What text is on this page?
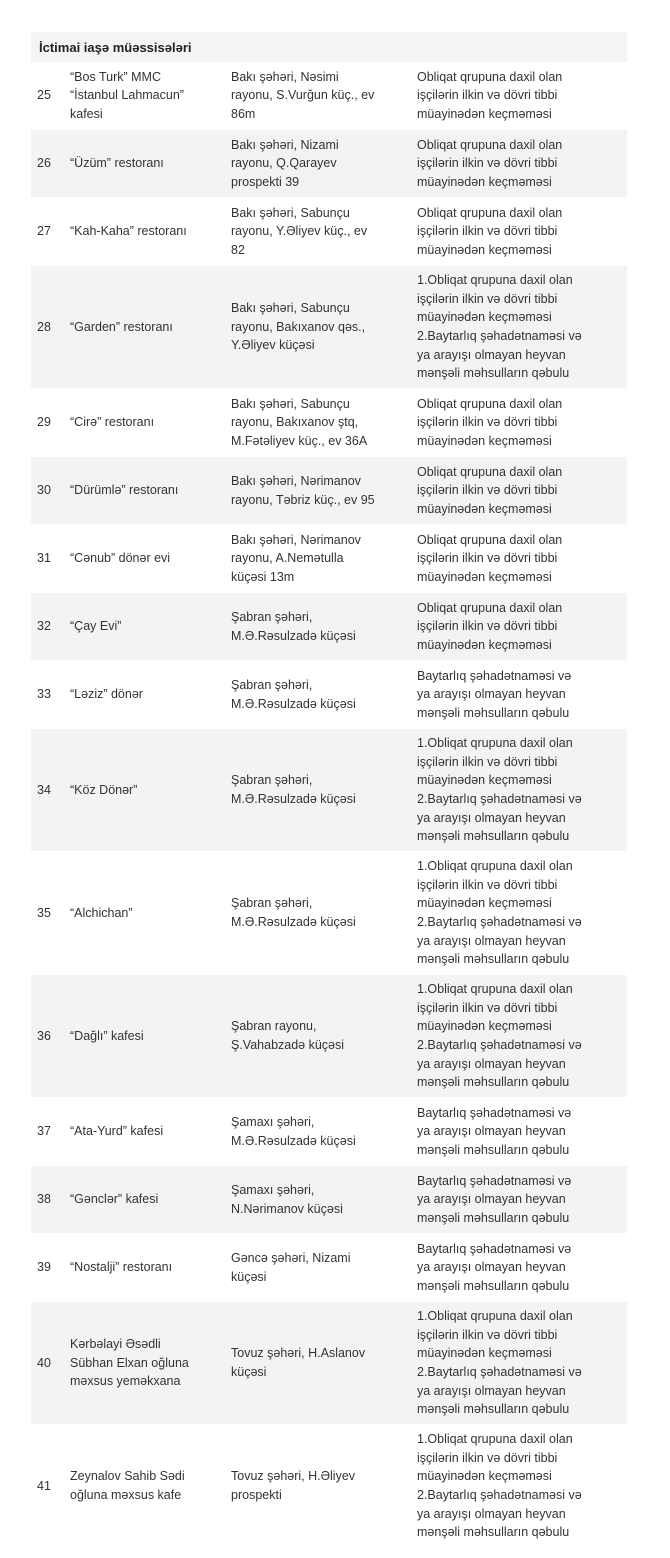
İctimai iaşə müəssisələri
25
“Bos Turk” MMC
“İstanbul Lahmacun”
kafesi
Bakı şəhəri, Nəsimi
rayonu, S.Vurğun küç., ev
86m
Obliqat qrupuna daxil olan
işçilərin ilkin və dövri tibbi
müayinədən keçməməsi
26 “Üzüm” restoranı
Bakı şəhəri, Nizami
rayonu, Q.Qarayev
prospekti 39
Obliqat qrupuna daxil olan
işçilərin ilkin və dövri tibbi
müayinədən keçməməsi
27 “Kah-Kaha” restoranı
Bakı şəhəri, Sabunçu
rayonu, Y.Əliyev küç., ev
82
Obliqat qrupuna daxil olan
işçilərin ilkin və dövri tibbi
müayinədən keçməməsi
28 “Garden” restoranı
Bakı şəhəri, Sabunçu
rayonu, Bakıxanov qəs.,
Y.Əliyev küçəsi
1.Obliqat qrupuna daxil olan
işçilərin ilkin və dövri tibbi
müayinədən keçməməsi
2.Baytarlıq şəhadətnaməsi və
ya arayışı olmayan heyvan
mənşəli məhsulların qəbulu
29 “Cirə” restoranı
Bakı şəhəri, Sabunçu
rayonu, Bakıxanov ştq,
M.Fətəliyev küç., ev 36A
Obliqat qrupuna daxil olan
işçilərin ilkin və dövri tibbi
müayinədən keçməməsi
30 “Dürümlə” restoranı
Bakı şəhəri, Nərimanov
rayonu, Təbriz küç., ev 95
Obliqat qrupuna daxil olan
işçilərin ilkin və dövri tibbi
müayinədən keçməməsi
31 “Cənub” dönər evi
Bakı şəhəri, Nərimanov
rayonu, A.Nemətulla
küçəsi 13m
Obliqat qrupuna daxil olan
işçilərin ilkin və dövri tibbi
müayinədən keçməməsi
32 “Çay Evi”
Şabran şəhəri,
M.Ə.Rəsulzadə küçəsi
Obliqat qrupuna daxil olan
işçilərin ilkin və dövri tibbi
müayinədən keçməməsi
33 “Ləziz” dönər
Şabran şəhəri,
M.Ə.Rəsulzadə küçəsi
Baytarlıq şəhadətnaməsi və
ya arayışı olmayan heyvan
mənşəli məhsulların qəbulu
34 “Köz Dönər”
Şabran şəhəri,
M.Ə.Rəsulzadə küçəsi
1.Obliqat qrupuna daxil olan
işçilərin ilkin və dövri tibbi
müayinədən keçməməsi
2.Baytarlıq şəhadətnaməsi və
ya arayışı olmayan heyvan
mənşəli məhsulların qəbulu
35 “Alchichan”
Şabran şəhəri,
M.Ə.Rəsulzadə küçəsi
1.Obliqat qrupuna daxil olan
işçilərin ilkin və dövri tibbi
müayinədən keçməməsi
2.Baytarlıq şəhadətnaməsi və
ya arayışı olmayan heyvan
mənşəli məhsulların qəbulu
36 “Dağlı” kafesi
Şabran rayonu,
Ş.Vahabzadə küçəsi
1.Obliqat qrupuna daxil olan
işçilərin ilkin və dövri tibbi
müayinədən keçməməsi
2.Baytarlıq şəhadətnaməsi və
ya arayışı olmayan heyvan
mənşəli məhsulların qəbulu
37 “Ata-Yurd” kafesi
Şamaxı şəhəri,
M.Ə.Rəsulzadə küçəsi
Baytarlıq şəhadətnaməsi və
ya arayışı olmayan heyvan
mənşəli məhsulların qəbulu
38 “Gənclər” kafesi
Şamaxı şəhəri,
N.Nərimanov küçəsi
Baytarlıq şəhadətnaməsi və
ya arayışı olmayan heyvan
mənşəli məhsulların qəbulu
39 “Nostalji” restoranı
Gəncə şəhəri, Nizami
küçəsi
Baytarlıq şəhadətnaməsi və
ya arayışı olmayan heyvan
mənşəli məhsulların qəbulu
40
Kərbəlayi Əsədli
Sübhan Elxan oğluna
məxsus yeməkxana
Tovuz şəhəri, H.Aslanov
küçəsi
1.Obliqat qrupuna daxil olan
işçilərin ilkin və dövri tibbi
müayinədən keçməməsi
2.Baytarlıq şəhadətnaməsi və
ya arayışı olmayan heyvan
mənşəli məhsulların qəbulu
41
Zeynalov Sahib Sədi
oğluna məxsus kafe
Tovuz şəhəri, H.Əliyev
prospekti
1.Obliqat qrupuna daxil olan
işçilərin ilkin və dövri tibbi
müayinədən keçməməsi
2.Baytarlıq şəhadətnaməsi və
ya arayışı olmayan heyvan
mənşəli məhsulların qəbulu
